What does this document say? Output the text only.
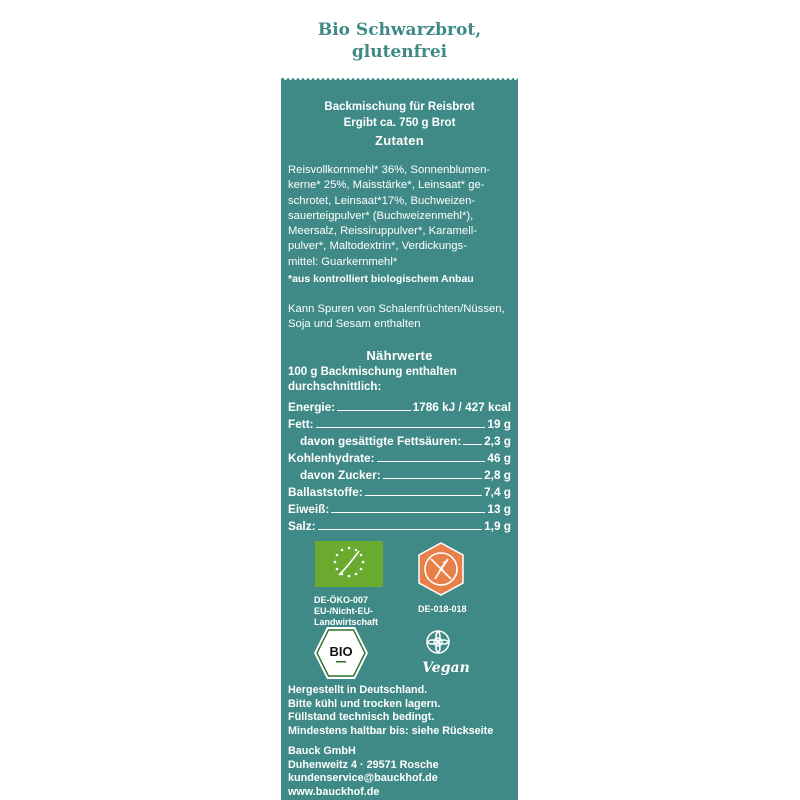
Bio Schwarzbrot,
glutenfrei
Backmischung für Reisbrot
Ergibt ca. 750 g Brot
Zutaten
Reisvollkornmehl* 36%, Sonnenblumen-
kerne* 25%, Maisstärke*, Leinsaat* ge-
schrotet, Leinsaat*17%, Buchweizen-
sauerteigpulver* (Buchweizenmehl*),
Meersalz, Reissiruppulver*, Karamell-
pulver*, Maltodextrin*, Verdickungs-
mittel: Guarkernmehl*
*aus kontrolliert biologischem Anbau
Kann Spuren von Schalenfrüchten/Nüssen,
Soja und Sesam enthalten
Nährwerte
100 g Backmischung enthalten
durchschnittlich:
Energie:	1786 kJ / 427 kcal
Fett:	19 g
davon gesättigte Fettsäuren: 2,3 g
Kohlenhydrate:	46 g
davon Zucker:	2,8 g
Ballaststoffe:	7,4 g
Eiweiß:	13 g
Salz:	1,9 g
DE-ÖKO-007
EU-/Nicht-EU-
Landwirtschaft
DE-018-018
BIO
Vegan
Hergestellt in Deutschland.
Bitte kühl und trocken lagern.
Füllstand technisch bedingt.
Mindestens haltbar bis: siehe Rückseite
Bauck GmbH
Duhenweitz 4 · 29571 Rosche
kundenservice@bauckhof.de
www.bauckhof.de
